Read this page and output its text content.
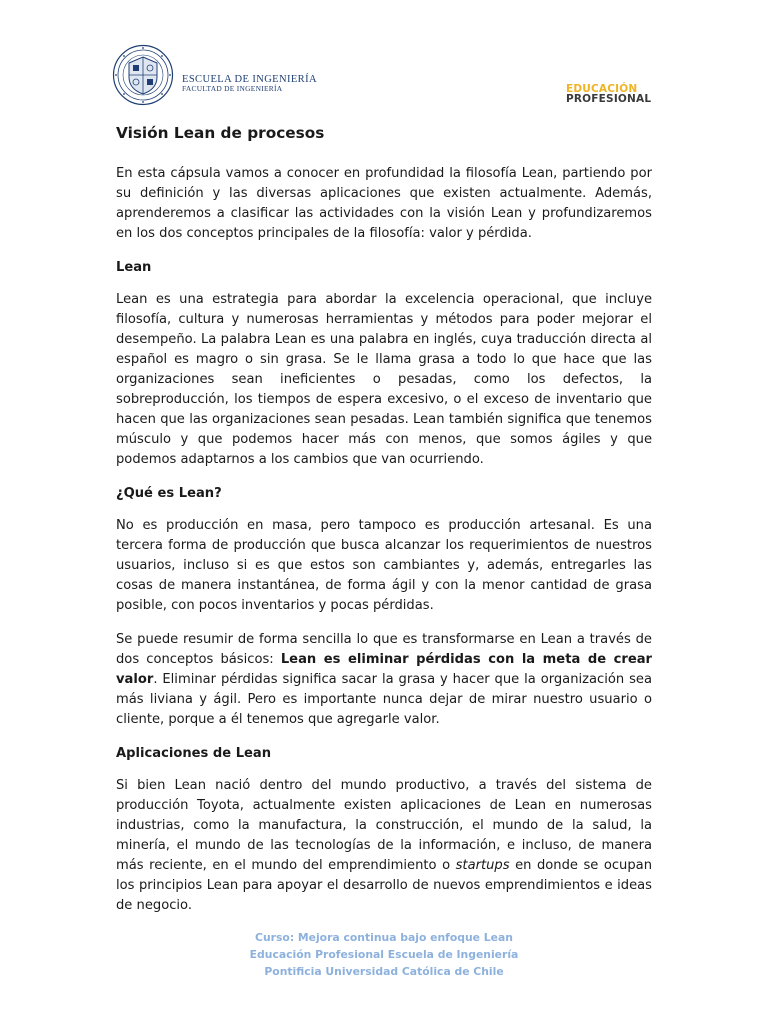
ESCUELA DE INGENIERÍA
FACULTAD DE INGENIERÍA	EDUCACIÓN
PROFESIONAL
Visión Lean de procesos

En esta cápsula vamos a conocer en profundidad la filosofía Lean, partiendo por su definición y las diversas aplicaciones que existen actualmente. Además, aprenderemos a clasificar las actividades con la visión Lean y profundizaremos en los dos conceptos principales de la filosofía: valor y pérdida.

Lean

Lean es una estrategia para abordar la excelencia operacional, que incluye filosofía, cultura y numerosas herramientas y métodos para poder mejorar el desempeño. La palabra Lean es una palabra en inglés, cuya traducción directa al español es magro o sin grasa. Se le llama grasa a todo lo que hace que las organizaciones sean ineficientes o pesadas, como los defectos, la sobreproducción, los tiempos de espera excesivo, o el exceso de inventario que hacen que las organizaciones sean pesadas. Lean también significa que tenemos músculo y que podemos hacer más con menos, que somos ágiles y que podemos adaptarnos a los cambios que van ocurriendo.

¿Qué es Lean?

No es producción en masa, pero tampoco es producción artesanal. Es una tercera forma de producción que busca alcanzar los requerimientos de nuestros usuarios, incluso si es que estos son cambiantes y, además, entregarles las cosas de manera instantánea, de forma ágil y con la menor cantidad de grasa posible, con pocos inventarios y pocas pérdidas.

Se puede resumir de forma sencilla lo que es transformarse en Lean a través de dos conceptos básicos: Lean es eliminar pérdidas con la meta de crear valor. Eliminar pérdidas significa sacar la grasa y hacer que la organización sea más liviana y ágil. Pero es importante nunca dejar de mirar nuestro usuario o cliente, porque a él tenemos que agregarle valor.

Aplicaciones de Lean

Si bien Lean nació dentro del mundo productivo, a través del sistema de producción Toyota, actualmente existen aplicaciones de Lean en numerosas industrias, como la manufactura, la construcción, el mundo de la salud, la minería, el mundo de las tecnologías de la información, e incluso, de manera más reciente, en el mundo del emprendimiento o startups en donde se ocupan los principios Lean para apoyar el desarrollo de nuevos emprendimientos e ideas de negocio.

Curso: Mejora continua bajo enfoque Lean
Educación Profesional Escuela de Ingeniería
Pontificia Universidad Católica de Chile
